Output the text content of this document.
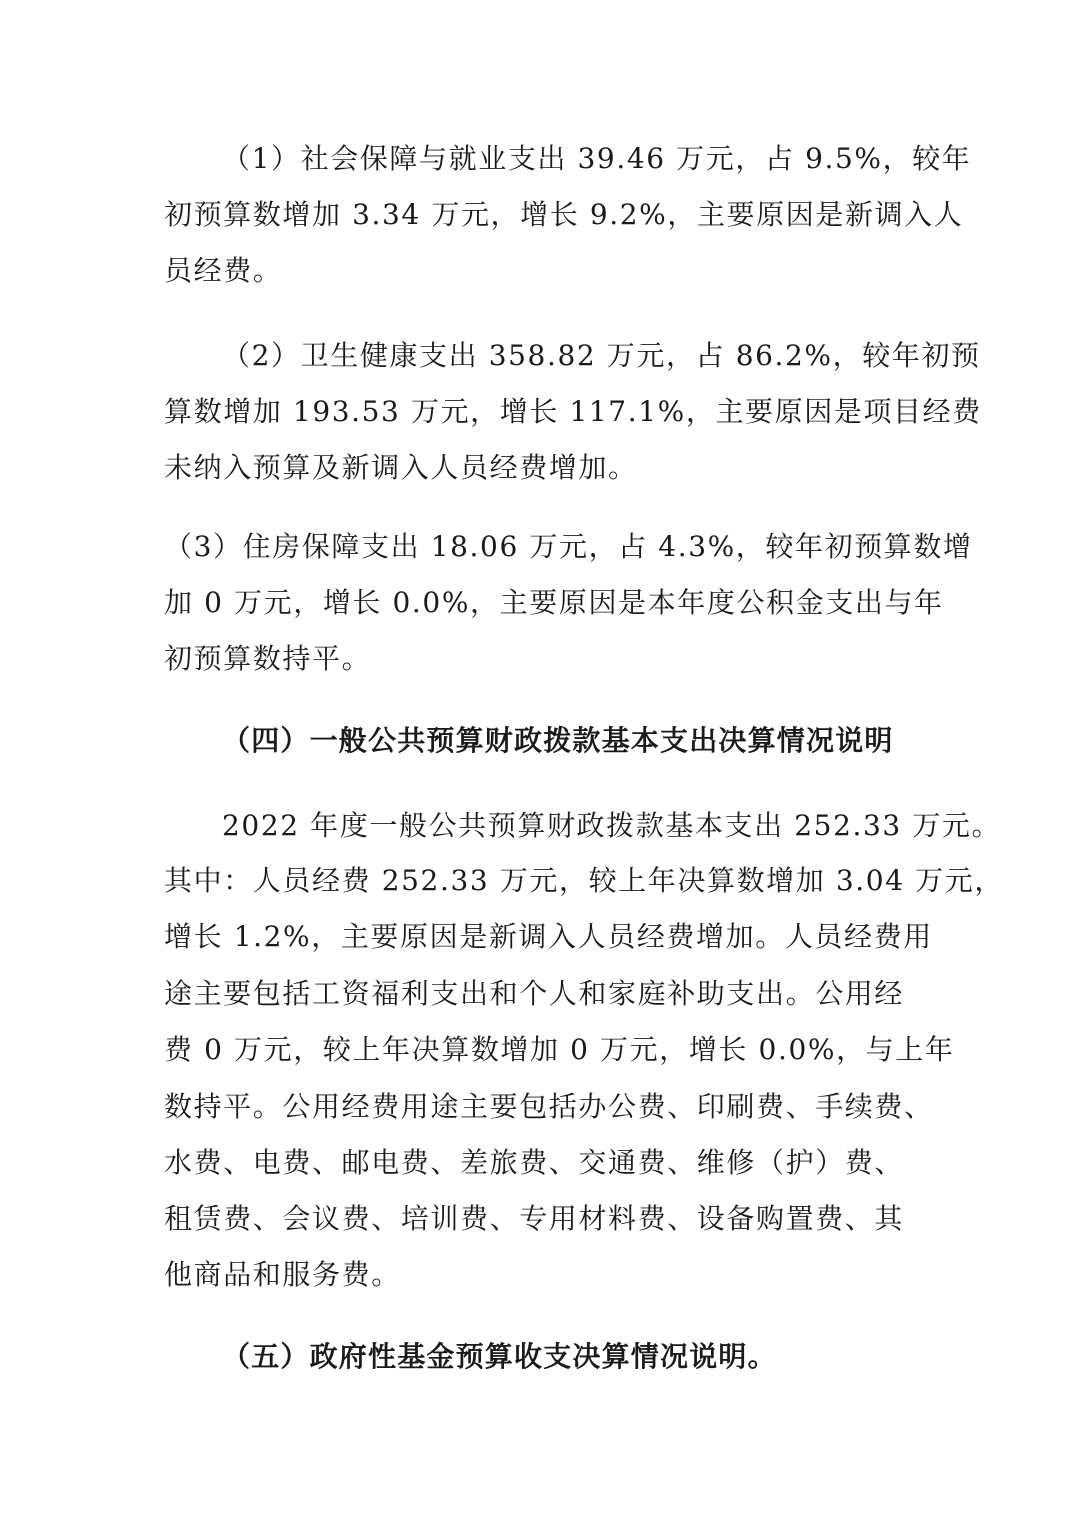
（1）社会保障与就业支出 39.46 万元，占 9.5%，较年
初预算数增加 3.34 万元，增长 9.2%，主要原因是新调入人
员经费。
（2）卫生健康支出 358.82 万元，占 86.2%，较年初预
算数增加 193.53 万元，增长 117.1%，主要原因是项目经费
未纳入预算及新调入人员经费增加。
（3）住房保障支出 18.06 万元，占 4.3%，较年初预算数增
加 0 万元，增长 0.0%，主要原因是本年度公积金支出与年
初预算数持平。
（四）一般公共预算财政拨款基本支出决算情况说明
2022 年度一般公共预算财政拨款基本支出 252.33 万元。
其中：人员经费 252.33 万元，较上年决算数增加 3.04 万元，
增长 1.2%，主要原因是新调入人员经费增加。人员经费用
途主要包括工资福利支出和个人和家庭补助支出。公用经
费 0 万元，较上年决算数增加 0 万元，增长 0.0%，与上年
数持平。公用经费用途主要包括办公费、印刷费、手续费、
水费、电费、邮电费、差旅费、交通费、维修（护）费、
租赁费、会议费、培训费、专用材料费、设备购置费、其
他商品和服务费。
（五）政府性基金预算收支决算情况说明。
